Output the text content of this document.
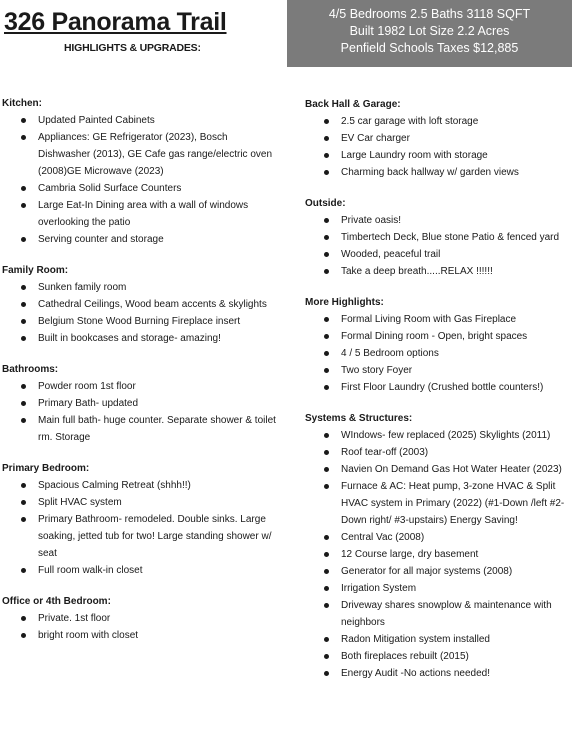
326 Panorama Trail
HIGHLIGHTS & UPGRADES:
4/5 Bedrooms 2.5 Baths 3118 SQFT
Built 1982 Lot Size 2.2 Acres
Penfield Schools Taxes $12,885
Kitchen:
Updated Painted Cabinets
Appliances: GE Refrigerator (2023), Bosch Dishwasher (2013), GE Cafe gas range/electric oven (2008)GE Microwave (2023)
Cambria Solid Surface Counters
Large Eat-In Dining area with a wall of windows overlooking the patio
Serving counter and storage
Family Room:
Sunken family room
Cathedral Ceilings, Wood beam accents & skylights
Belgium Stone Wood Burning Fireplace insert
Built in bookcases and storage- amazing!
Bathrooms:
Powder room 1st floor
Primary Bath- updated
Main full bath- huge counter. Separate shower & toilet rm. Storage
Primary Bedroom:
Spacious Calming Retreat (shhh!!)
Split HVAC system
Primary Bathroom- remodeled. Double sinks. Large soaking, jetted tub for two! Large standing shower w/ seat
Full room walk-in closet
Office or 4th Bedroom:
Private. 1st floor
bright room with closet
Back Hall & Garage:
2.5 car garage with loft storage
EV Car charger
Large Laundry room with storage
Charming back hallway w/ garden views
Outside:
Private oasis!
Timbertech Deck, Blue stone Patio & fenced yard
Wooded, peaceful trail
Take a deep breath.....RELAX !!!!!!
More Highlights:
Formal Living Room with Gas Fireplace
Formal Dining room - Open, bright spaces
4 / 5 Bedroom options
Two story Foyer
First Floor Laundry (Crushed bottle counters!)
Systems & Structures:
WIndows- few replaced (2025) Skylights (2011)
Roof tear-off (2003)
Navien On Demand Gas Hot Water Heater (2023)
Furnace & AC: Heat pump, 3-zone HVAC & Split HVAC system in Primary (2022) (#1-Down /left #2-Down right/ #3-upstairs) Energy Saving!
Central Vac (2008)
12 Course large, dry basement
Generator for all major systems (2008)
Irrigation System
Driveway shares snowplow & maintenance with neighbors
Radon Mitigation system installed
Both fireplaces rebuilt (2015)
Energy Audit -No actions needed!
